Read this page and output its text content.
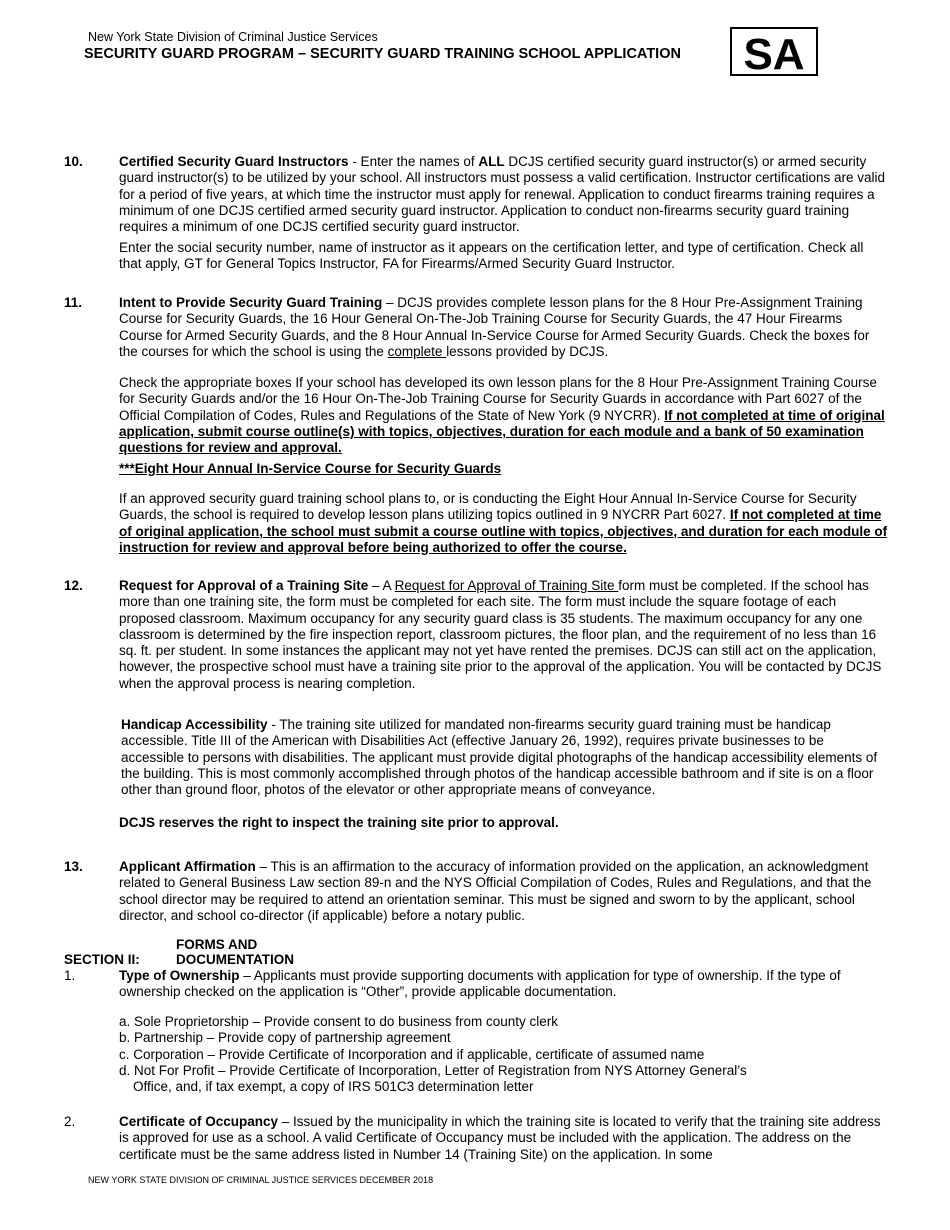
New York State Division of Criminal Justice Services
SECURITY GUARD PROGRAM – SECURITY GUARD TRAINING SCHOOL APPLICATION	SA
10.	Certified Security Guard Instructors - Enter the names of ALL DCJS certified security guard instructor(s) or armed security guard instructor(s) to be utilized by your school. All instructors must possess a valid certification. Instructor certifications are valid for a period of five years, at which time the instructor must apply for renewal. Application to conduct firearms training requires a minimum of one DCJS certified armed security guard instructor. Application to conduct non-firearms security guard training requires a minimum of one DCJS certified security guard instructor.

Enter the social security number, name of instructor as it appears on the certification letter, and type of certification. Check all that apply, GT for General Topics Instructor, FA for Firearms/Armed Security Guard Instructor.

11.	Intent to Provide Security Guard Training – DCJS provides complete lesson plans for the 8 Hour Pre-Assignment Training Course for Security Guards, the 16 Hour General On-The-Job Training Course for Security Guards, the 47 Hour Firearms Course for Armed Security Guards, and the 8 Hour Annual In-Service Course for Armed Security Guards. Check the boxes for the courses for which the school is using the complete lessons provided by DCJS.

Check the appropriate boxes If your school has developed its own lesson plans for the 8 Hour Pre-Assignment Training Course for Security Guards and/or the 16 Hour On-The-Job Training Course for Security Guards in accordance with Part 6027 of the Official Compilation of Codes, Rules and Regulations of the State of New York (9 NYCRR). If not completed at time of original application, submit course outline(s) with topics, objectives, duration for each module and a bank of 50 examination questions for review and approval.

***Eight Hour Annual In-Service Course for Security Guards

If an approved security guard training school plans to, or is conducting the Eight Hour Annual In-Service Course for Security Guards, the school is required to develop lesson plans utilizing topics outlined in 9 NYCRR Part 6027. If not completed at time of original application, the school must submit a course outline with topics, objectives, and duration for each module of instruction for review and approval before being authorized to offer the course.

12.	Request for Approval of a Training Site – A Request for Approval of Training Site form must be completed. If the school has more than one training site, the form must be completed for each site. The form must include the square footage of each proposed classroom. Maximum occupancy for any security guard class is 35 students. The maximum occupancy for any one classroom is determined by the fire inspection report, classroom pictures, the floor plan, and the requirement of no less than 16 sq. ft. per student. In some instances the applicant may not yet have rented the premises. DCJS can still act on the application, however, the prospective school must have a training site prior to the approval of the application. You will be contacted by DCJS when the approval process is nearing completion.

Handicap Accessibility - The training site utilized for mandated non-firearms security guard training must be handicap accessible. Title III of the American with Disabilities Act (effective January 26, 1992), requires private businesses to be accessible to persons with disabilities. The applicant must provide digital photographs of the handicap accessibility elements of the building. This is most commonly accomplished through photos of the handicap accessible bathroom and if site is on a floor other than ground floor, photos of the elevator or other appropriate means of conveyance.

DCJS reserves the right to inspect the training site prior to approval.

13.	Applicant Affirmation – This is an affirmation to the accuracy of information provided on the application, an acknowledgment related to General Business Law section 89-n and the NYS Official Compilation of Codes, Rules and Regulations, and that the school director may be required to attend an orientation seminar. This must be signed and sworn to by the applicant, school director, and school co-director (if applicable) before a notary public.

SECTION II:FORMS AND DOCUMENTATION
1.	Type of Ownership – Applicants must provide supporting documents with application for type of ownership. If the type of ownership checked on the application is “Other”, provide applicable documentation.

a. Sole Proprietorship – Provide consent to do business from county clerk
b. Partnership – Provide copy of partnership agreement
c. Corporation – Provide Certificate of Incorporation and if applicable, certificate of assumed name
d. Not For Profit – Provide Certificate of Incorporation, Letter of Registration from NYS Attorney General’s
Office, and, if tax exempt, a copy of IRS 501C3 determination letter
2.	Certificate of Occupancy – Issued by the municipality in which the training site is located to verify that the training site address is approved for use as a school. A valid Certificate of Occupancy must be included with the application. The address on the certificate must be the same address listed in Number 14 (Training Site) on the application. In some

NEW YORK STATE DIVISION OF CRIMINAL JUSTICE SERVICES DECEMBER 2018
